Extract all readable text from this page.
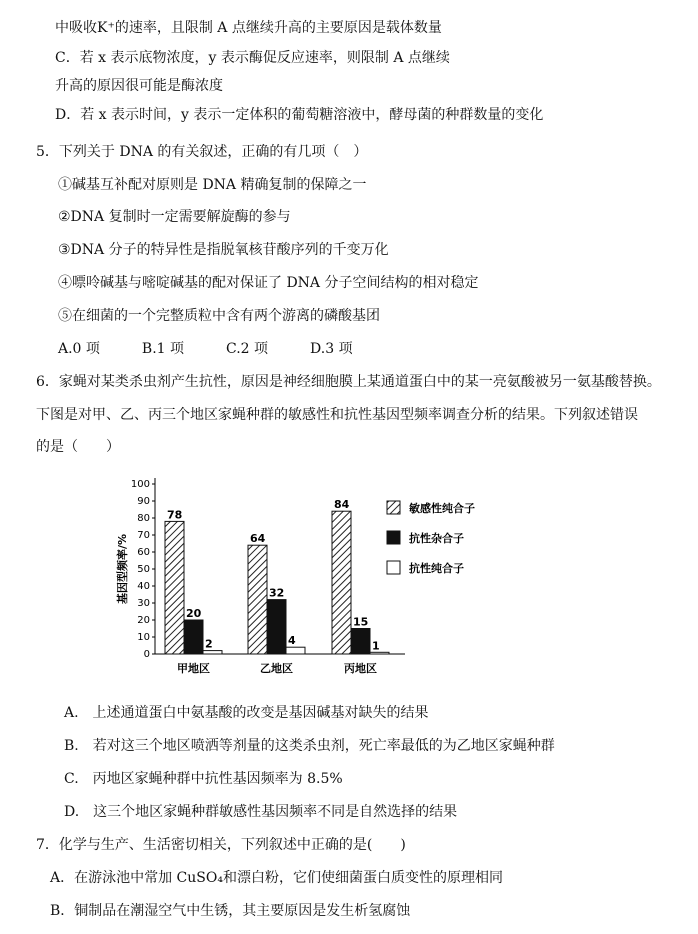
中吸收K⁺的速率，且限制 A 点继续升高的主要原因是载体数量
C．若 x 表示底物浓度，y 表示酶促反应速率，则限制 A 点继续
升高的原因很可能是酶浓度
D．若 x 表示时间，y 表示一定体积的葡萄糖溶液中，酵母菌的种群数量的变化
5．下列关于 DNA 的有关叙述，正确的有几项（　）
①碱基互补配对原则是 DNA 精确复制的保障之一
②DNA 复制时一定需要解旋酶的参与
③DNA 分子的特异性是指脱氧核苷酸序列的千变万化
④嘌呤碱基与嘧啶碱基的配对保证了 DNA 分子空间结构的相对稳定
⑤在细菌的一个完整质粒中含有两个游离的磷酸基团
A.0 项　　　B.1 项　　　C.2 项　　　D.3 项
6．家蝇对某类杀虫剂产生抗性，原因是神经细胞膜上某通道蛋白中的某一亮氨酸被另一氨基酸替换。
下图是对甲、乙、丙三个地区家蝇种群的敏感性和抗性基因型频率调查分析的结果。下列叙述错误
的是（　　）
0
10
20
30
40
50
60
70
80
90
100
基因型频率/%
78
20
2
甲地区
64
32
4
乙地区
84
15
1
丙地区
敏感性纯合子
抗性杂合子
抗性纯合子
A.　上述通道蛋白中氨基酸的改变是基因碱基对缺失的结果
B.　若对这三个地区喷洒等剂量的这类杀虫剂，死亡率最低的为乙地区家蝇种群
C.　丙地区家蝇种群中抗性基因频率为 8.5%
D.　这三个地区家蝇种群敏感性基因频率不同是自然选择的结果
7．化学与生产、生活密切相关，下列叙述中正确的是(　　)
A．在游泳池中常加 CuSO₄和漂白粉，它们使细菌蛋白质变性的原理相同
B．铜制品在潮湿空气中生锈，其主要原因是发生析氢腐蚀
